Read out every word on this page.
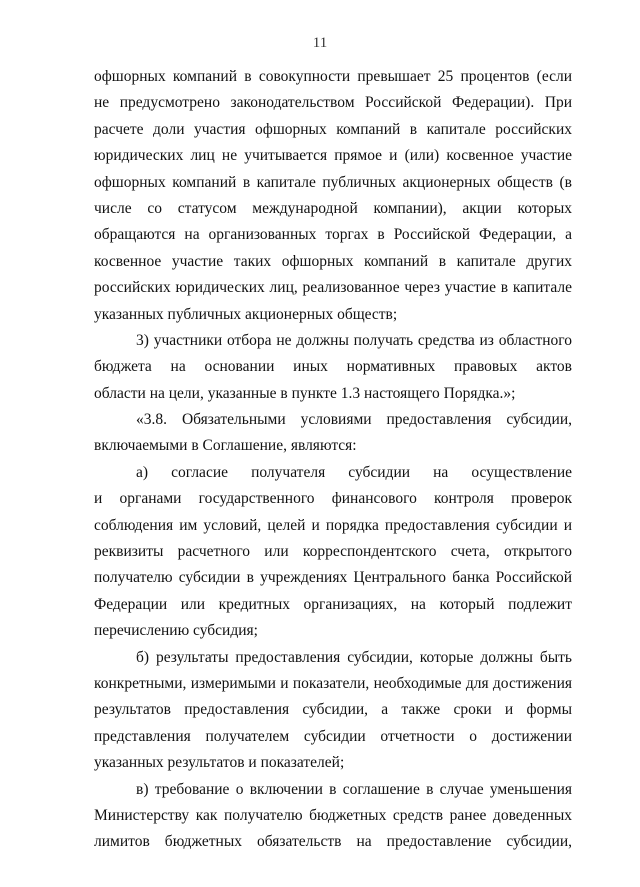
11
офшорных компаний в совокупности превышает 25 процентов (если
не предусмотрено законодательством Российской Федерации). При
расчете доли участия офшорных компаний в капитале российских
юридических лиц не учитывается прямое и (или) косвенное участие
офшорных компаний в капитале публичных акционерных обществ (в
числе со статусом международной компании), акции которых
обращаются на организованных торгах в Российской Федерации, а
косвенное участие таких офшорных компаний в капитале других
российских юридических лиц, реализованное через участие в капитале
указанных публичных акционерных обществ;
3) участники отбора не должны получать средства из областного
бюджета на основании иных нормативных правовых актов
области на цели, указанные в пункте 1.3 настоящего Порядка.»;
«3.8. Обязательными условиями предоставления субсидии,
включаемыми в Соглашение, являются:
а) согласие получателя субсидии на осуществление
и органами государственного финансового контроля проверок
соблюдения им условий, целей и порядка предоставления субсидии и
реквизиты расчетного или корреспондентского счета, открытого
получателю субсидии в учреждениях Центрального банка Российской
Федерации или кредитных организациях, на который подлежит
перечислению субсидия;
б) результаты предоставления субсидии, которые должны быть
конкретными, измеримыми и показатели, необходимые для достижения
результатов предоставления субсидии, а также сроки и формы
представления получателем субсидии отчетности о достижении
указанных результатов и показателей;
в) требование о включении в соглашение в случае уменьшения
Министерству как получателю бюджетных средств ранее доведенных
лимитов бюджетных обязательств на предоставление субсидии,
